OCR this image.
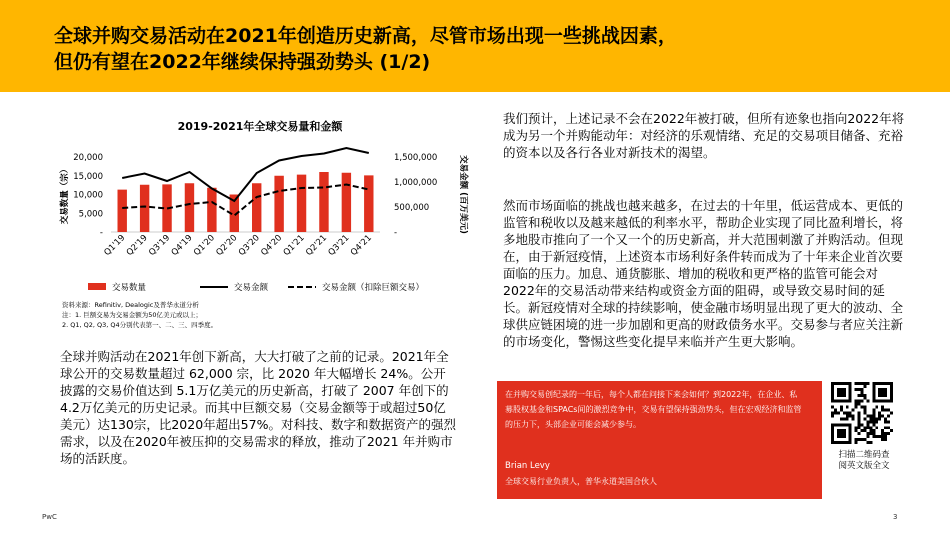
全球并购交易活动在2021年创造历史新高，尽管市场出现一些挑战因素，
但仍有望在2022年继续保持强劲势头 (1/2)
2019-2021年全球交易量和金额
-
5,000
10,000
15,000
20,000
-
500,000
1,000,000
1,500,000
交易数量（宗）	交易金额 (百万美元)
Q1'19
Q2'19
Q3'19
Q4'19
Q1'20
Q2'20
Q3'20
Q4'20
Q1'21
Q2'21
Q3'21
Q4'21
交易数量	交易金额	交易金额（扣除巨额交易）
资料来源：Refinitiv, Dealogic及普华永道分析
注：1. 巨额交易为交易金额为50亿美元或以上；
2. Q1, Q2, Q3, Q4分别代表第一、二、三、四季度。
全球并购活动在2021年创下新高，大大打破了之前的记录。2021年全球公开的交易数量超过 62,000 宗，比 2020 年大幅增长 24%。公开披露的交易价值达到 5.1万亿美元的历史新高，打破了 2007 年创下的4.2万亿美元的历史记录。而其中巨额交易（交易金额等于或超过50亿美元）达130宗，比2020年超出57%。对科技、数字和数据资产的强烈需求，以及在2020年被压抑的交易需求的释放，推动了2021 年并购市场的活跃度。
我们预计，上述记录不会在2022年被打破，但所有迹象也指向2022年将成为另一个并购能动年：对经济的乐观情绪、充足的交易项目储备、充裕的资本以及各行各业对新技术的渴望。
然而市场面临的挑战也越来越多，在过去的十年里，低运营成本、更低的监管和税收以及越来越低的利率水平，帮助企业实现了同比盈利增长，将多地股市推向了一个又一个的历史新高，并大范围刺激了并购活动。但现在，由于新冠疫情，上述资本市场利好条件转而成为了十年来企业首次要面临的压力。加息、通货膨胀、增加的税收和更严格的监管可能会对2022年的交易活动带来结构或资金方面的阻碍，或导致交易时间的延长。新冠疫情对全球的持续影响，使金融市场明显出现了更大的波动、全球供应链困境的进一步加剧和更高的财政债务水平。交易参与者应关注新的市场变化，警惕这些变化提早来临并产生更大影响。
在并购交易创纪录的一年后，每个人都在问接下来会如何？到2022年，在企业、私募股权基金和SPACs间的激烈竞争中，交易有望保持强劲势头，但在宏观经济和监管的压力下，头部企业可能会减少参与。
Brian Levy
全球交易行业负责人，普华永道美国合伙人
扫描二维码查阅英文版全文
PwC	3
